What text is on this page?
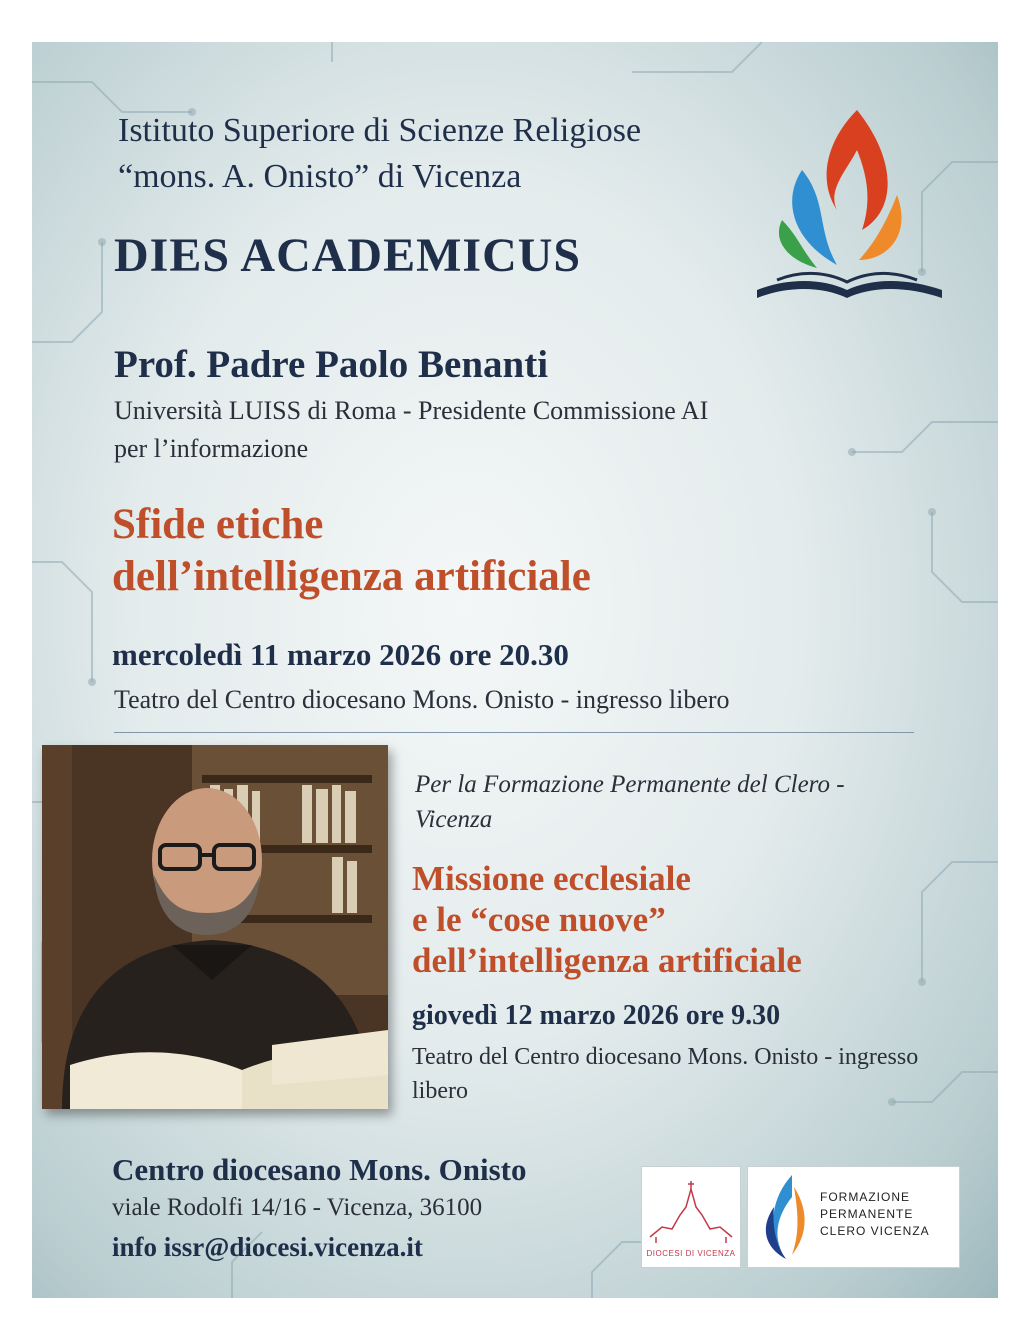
Istituto Superiore di Scienze Religiose
“mons. A. Onisto” di Vicenza

DIES ACADEMICUS
Prof. Padre Paolo Benanti

Università LUISS di Roma - Presidente Commissione AI
per l’informazione

Sfide etiche
dell’intelligenza artificiale

mercoledì 11 marzo 2026 ore 20.30

Teatro del Centro diocesano Mons. Onisto - ingresso libero

Per la Formazione Permanente del Clero - Vicenza

Missione ecclesiale
e le “cose nuove”
dell’intelligenza artificiale

giovedì 12 marzo 2026 ore 9.30

Teatro del Centro diocesano Mons. Onisto - ingresso libero

Centro diocesano Mons. Onisto

viale Rodolfi 14/16 - Vicenza, 36100

info issr@diocesi.vicenza.it	DIOCESI DI VICENZA
FORMAZIONE
PERMANENTE
CLERO VICENZA
